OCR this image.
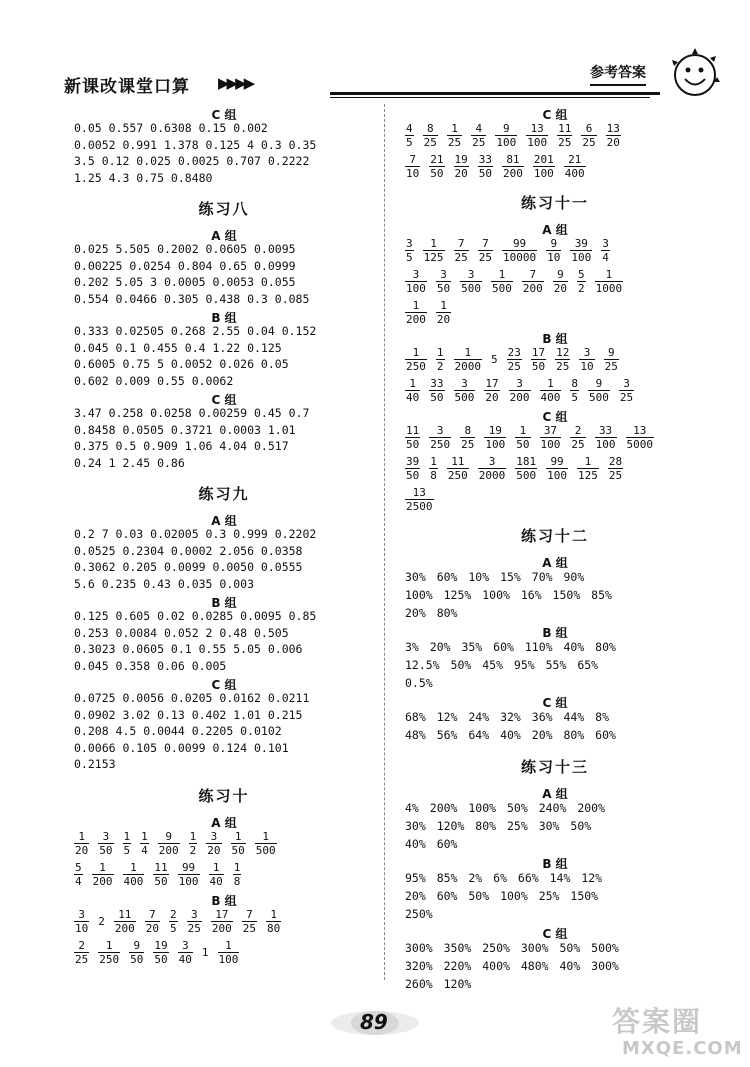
新课改课堂口算 ▶▶▶▶
参考答案
C 组
0.05 0.557 0.6308 0.15 0.002
0.0052 0.991 1.378 0.125 4 0.3 0.35
3.5 0.12 0.025 0.0025 0.707 0.2222
1.25 4.3 0.75 0.8480
练习八
A 组
0.025 5.505 0.2002 0.0605 0.0095
0.00225 0.0254 0.804 0.65 0.0999
0.202 5.05 3 0.0005 0.0053 0.055
0.554 0.0466 0.305 0.438 0.3 0.085
B 组
0.333 0.02505 0.268 2.55 0.04 0.152
0.045 0.1 0.455 0.4 1.22 0.125
0.6005 0.75 5 0.0052 0.026 0.05
0.602 0.009 0.55 0.0062
C 组
3.47 0.258 0.0258 0.00259 0.45 0.7
0.8458 0.0505 0.3721 0.0003 1.01
0.375 0.5 0.909 1.06 4.04 0.517
0.24 1 2.45 0.86
练习九
A 组
0.2 7 0.03 0.02005 0.3 0.999 0.2202
0.0525 0.2304 0.0002 2.056 0.0358
0.3062 0.205 0.0099 0.0050 0.0555
5.6 0.235 0.43 0.035 0.003
B 组
0.125 0.605 0.02 0.0285 0.0095 0.85
0.253 0.0084 0.052 2 0.48 0.505
0.3023 0.0605 0.1 0.55 5.05 0.006
0.045 0.358 0.06 0.005
C 组
0.0725 0.0056 0.0205 0.0162 0.0211
0.0902 3.02 0.13 0.402 1.01 0.215
0.208 4.5 0.0044 0.2205 0.0102
0.0066 0.105 0.0099 0.124 0.101
0.2153
练习十
A 组
$\frac{1}{20} \frac{3}{50} \frac{1}{5} \frac{1}{4} \frac{9}{200} \frac{1}{2} \frac{3}{20} \frac{1}{50} \frac{1}{500}$
$\frac{5}{4} \frac{1}{200} \frac{1}{400} \frac{11}{50} \frac{99}{100} \frac{1}{40} \frac{1}{8}$
B 组
$\frac{3}{10} 2 \frac{11}{200} \frac{7}{20} \frac{2}{5} \frac{3}{25} \frac{17}{200} \frac{7}{25} \frac{1}{80}$
$\frac{2}{25} \frac{1}{250} \frac{9}{50} \frac{19}{50} \frac{3}{40} 1 \frac{1}{100}$
C 组
$\frac{4}{5} \frac{8}{25} \frac{1}{25} \frac{4}{25} \frac{9}{100} \frac{13}{100} \frac{11}{25} \frac{6}{25} \frac{13}{20}$
$\frac{7}{10} \frac{21}{50} \frac{19}{20} \frac{33}{50} \frac{81}{200} \frac{201}{100} \frac{21}{400}$
练习十一
A 组
$\frac{3}{5} \frac{1}{125} \frac{7}{25} \frac{7}{25} \frac{99}{10000} \frac{9}{10} \frac{39}{100} \frac{3}{4}$
$\frac{3}{100} \frac{3}{50} \frac{3}{500} \frac{1}{500} \frac{7}{200} \frac{9}{20} \frac{5}{2} \frac{1}{1000}$
$\frac{1}{200} \frac{1}{20}$
B 组
$\frac{1}{250} \frac{1}{2} \frac{1}{2000} 5 \frac{23}{25} \frac{17}{50} \frac{12}{25} \frac{3}{10} \frac{9}{25}$
$\frac{1}{40} \frac{33}{50} \frac{3}{500} \frac{17}{20} \frac{3}{200} \frac{1}{400} \frac{8}{5} \frac{9}{500} \frac{3}{25}$
C 组
$\frac{11}{50} \frac{3}{250} \frac{8}{25} \frac{19}{100} \frac{1}{50} \frac{37}{100} \frac{2}{25} \frac{33}{100} \frac{13}{5000}$
$\frac{39}{50} \frac{1}{8} \frac{11}{250} \frac{3}{2000} \frac{181}{500} \frac{99}{100} \frac{1}{125} \frac{28}{25}$
$\frac{13}{2500}$
练习十二
A 组
30% 60% 10% 15% 70% 90%
100% 125% 100% 16% 150% 85%
20% 80%
B 组
3% 20% 35% 60% 110% 40% 80%
12.5% 50% 45% 95% 55% 65%
0.5%
C 组
68% 12% 24% 32% 36% 44% 8%
48% 56% 64% 40% 20% 80% 60%
练习十三
A 组
4% 200% 100% 50% 240% 200%
30% 120% 80% 25% 30% 50%
40% 60%
B 组
95% 85% 2% 6% 66% 14% 12%
20% 60% 50% 100% 25% 150%
250%
C 组
300% 350% 250% 300% 50% 500%
320% 220% 400% 480% 40% 300%
260% 120%
89	答案圈
MXQE.COM
